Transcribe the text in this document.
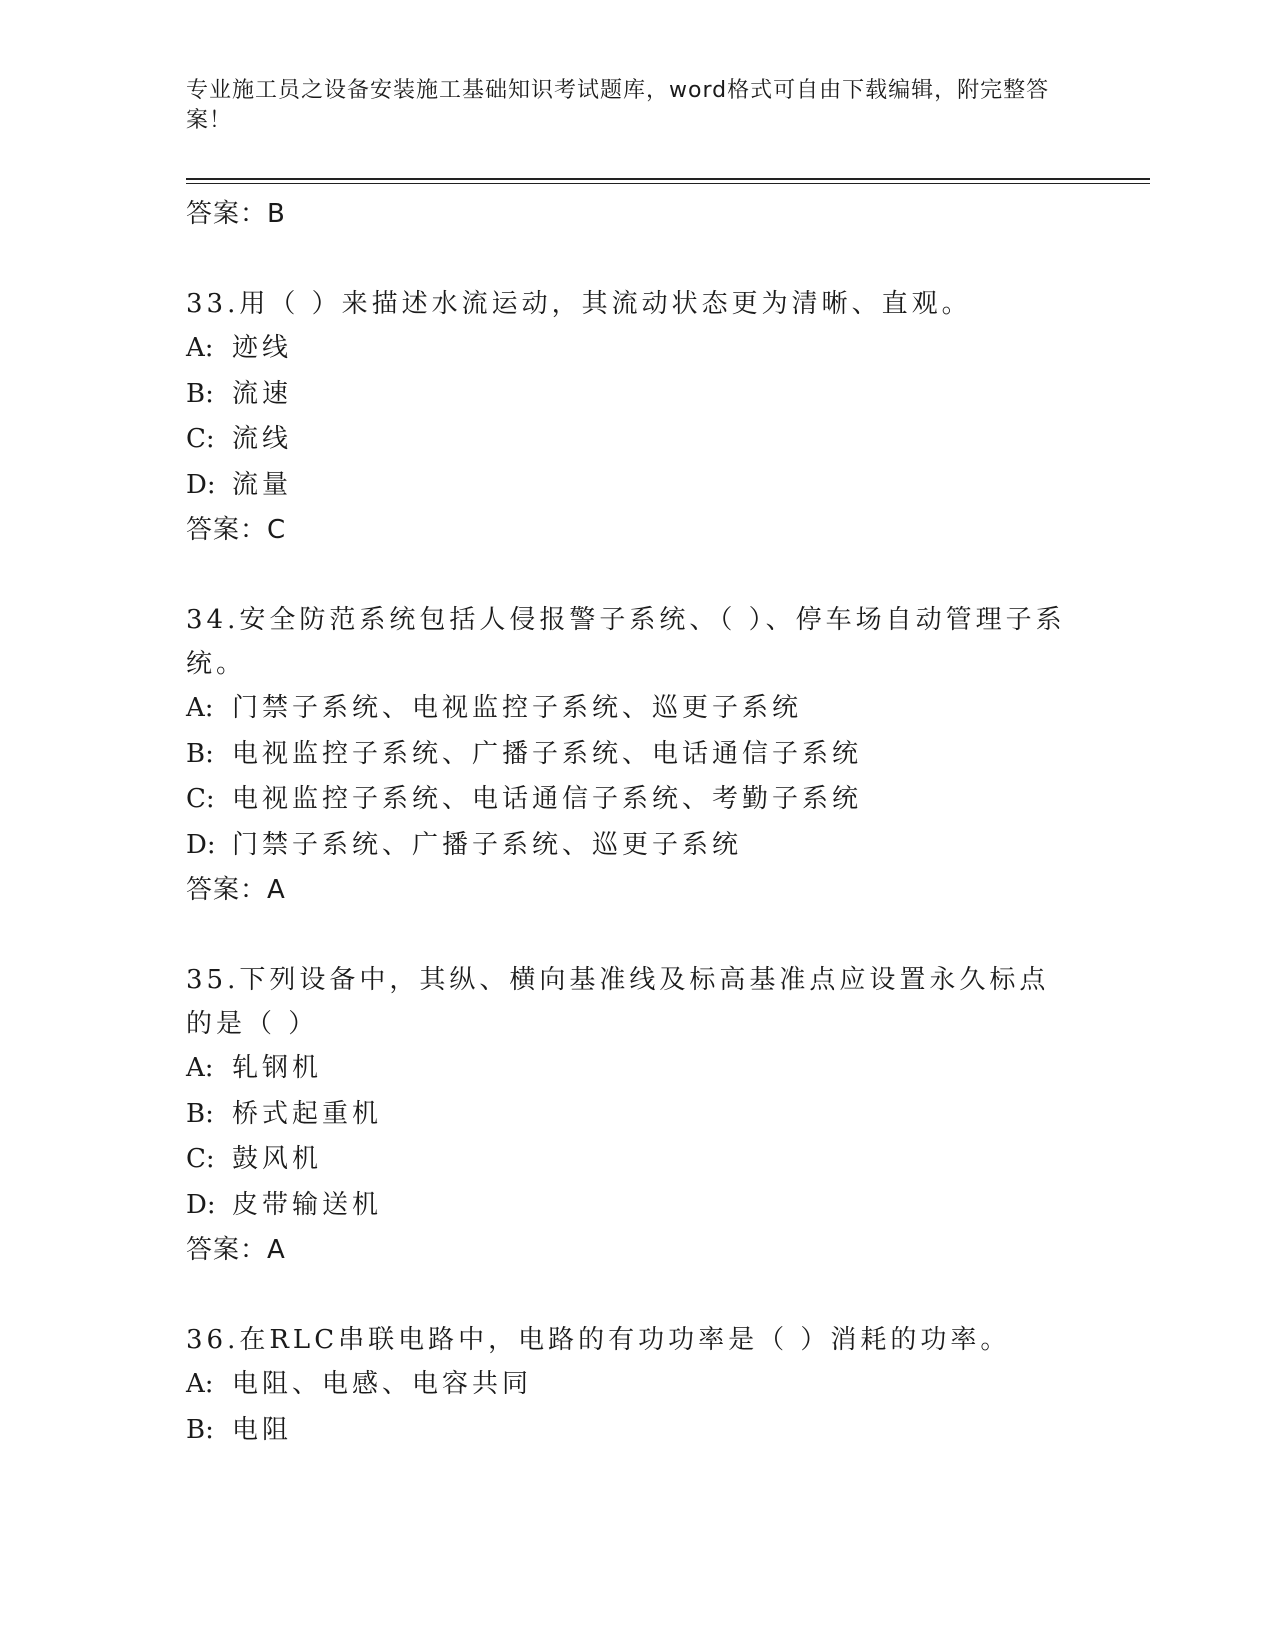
专业施工员之设备安装施工基础知识考试题库，word格式可自由下载编辑，附完整答案！
答案：B
33.用（ ）来描述水流运动，其流动状态更为清晰、直观。
A: 迹线
B: 流速
C: 流线
D: 流量
答案：C
34.安全防范系统包括人侵报警子系统、（ ）、停车场自动管理子系统。
A: 门禁子系统、电视监控子系统、巡更子系统
B: 电视监控子系统、广播子系统、电话通信子系统
C: 电视监控子系统、电话通信子系统、考勤子系统
D: 门禁子系统、广播子系统、巡更子系统
答案：A
35.下列设备中，其纵、横向基准线及标高基准点应设置永久标点的是（ ）
A: 轧钢机
B: 桥式起重机
C: 鼓风机
D: 皮带输送机
答案：A
36.在RLC串联电路中，电路的有功功率是（ ）消耗的功率。
A: 电阻、电感、电容共同
B: 电阻
